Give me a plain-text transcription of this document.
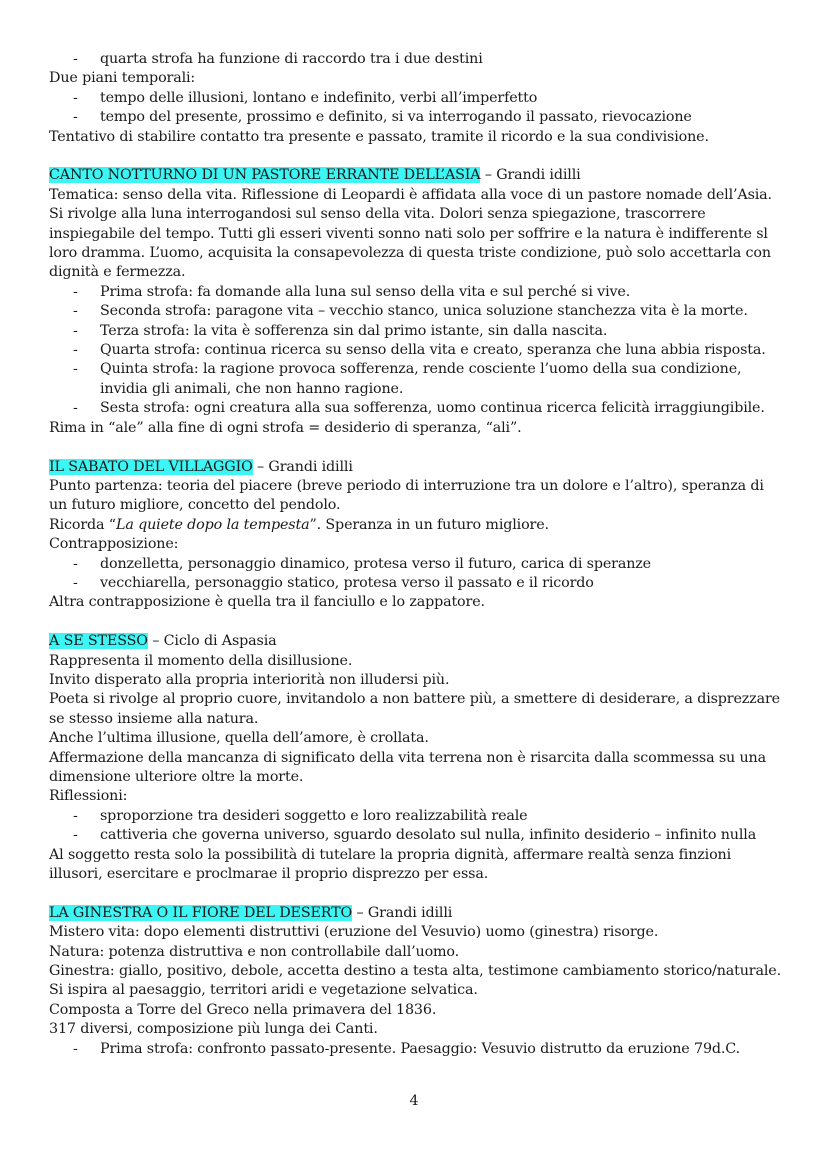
- quarta strofa ha funzione di raccordo tra i due destini
Due piani temporali:
- tempo delle illusioni, lontano e indefinito, verbi all’imperfetto
- tempo del presente, prossimo e definito, si va interrogando il passato, rievocazione
Tentativo di stabilire contatto tra presente e passato, tramite il ricordo e la sua condivisione.
CANTO NOTTURNO DI UN PASTORE ERRANTE DELL’ASIA – Grandi idilli
Tematica: senso della vita. Riflessione di Leopardi è affidata alla voce di un pastore nomade dell’Asia.
Si rivolge alla luna interrogandosi sul senso della vita. Dolori senza spiegazione, trascorrere
inspiegabile del tempo. Tutti gli esseri viventi sonno nati solo per soffrire e la natura è indifferente sl
loro dramma. L’uomo, acquisita la consapevolezza di questa triste condizione, può solo accettarla con
dignità e fermezza.
- Prima strofa: fa domande alla luna sul senso della vita e sul perché si vive.
- Seconda strofa: paragone vita – vecchio stanco, unica soluzione stanchezza vita è la morte.
- Terza strofa: la vita è sofferenza sin dal primo istante, sin dalla nascita.
- Quarta strofa: continua ricerca su senso della vita e creato, speranza che luna abbia risposta.
- Quinta strofa: la ragione provoca sofferenza, rende cosciente l’uomo della sua condizione, invidia gli animali, che non hanno ragione.
- Sesta strofa: ogni creatura alla sua sofferenza, uomo continua ricerca felicità irraggiungibile.
Rima in “ale” alla fine di ogni strofa = desiderio di speranza, “ali”.
IL SABATO DEL VILLAGGIO – Grandi idilli
Punto partenza: teoria del piacere (breve periodo di interruzione tra un dolore e l’altro), speranza di
un futuro migliore, concetto del pendolo.
Ricorda “La quiete dopo la tempesta”. Speranza in un futuro migliore.
Contrapposizione:
- donzelletta, personaggio dinamico, protesa verso il futuro, carica di speranze
- vecchiarella, personaggio statico, protesa verso il passato e il ricordo
Altra contrapposizione è quella tra il fanciullo e lo zappatore.
A SE STESSO – Ciclo di Aspasia
Rappresenta il momento della disillusione.
Invito disperato alla propria interiorità non illudersi più.
Poeta si rivolge al proprio cuore, invitandolo a non battere più, a smettere di desiderare, a disprezzare
se stesso insieme alla natura.
Anche l’ultima illusione, quella dell’amore, è crollata.
Affermazione della mancanza di significato della vita terrena non è risarcita dalla scommessa su una
dimensione ulteriore oltre la morte.
Riflessioni:
- sproporzione tra desideri soggetto e loro realizzabilità reale
- cattiveria che governa universo, sguardo desolato sul nulla, infinito desiderio – infinito nulla
Al soggetto resta solo la possibilità di tutelare la propria dignità, affermare realtà senza finzioni
illusori, esercitare e proclmarae il proprio disprezzo per essa.
LA GINESTRA O IL FIORE DEL DESERTO – Grandi idilli
Mistero vita: dopo elementi distruttivi (eruzione del Vesuvio) uomo (ginestra) risorge.
Natura: potenza distruttiva e non controllabile dall’uomo.
Ginestra: giallo, positivo, debole, accetta destino a testa alta, testimone cambiamento storico/naturale.
Si ispira al paesaggio, territori aridi e vegetazione selvatica.
Composta a Torre del Greco nella primavera del 1836.
317 diversi, composizione più lunga dei Canti.
- Prima strofa: confronto passato-presente. Paesaggio: Vesuvio distrutto da eruzione 79d.C.
4
